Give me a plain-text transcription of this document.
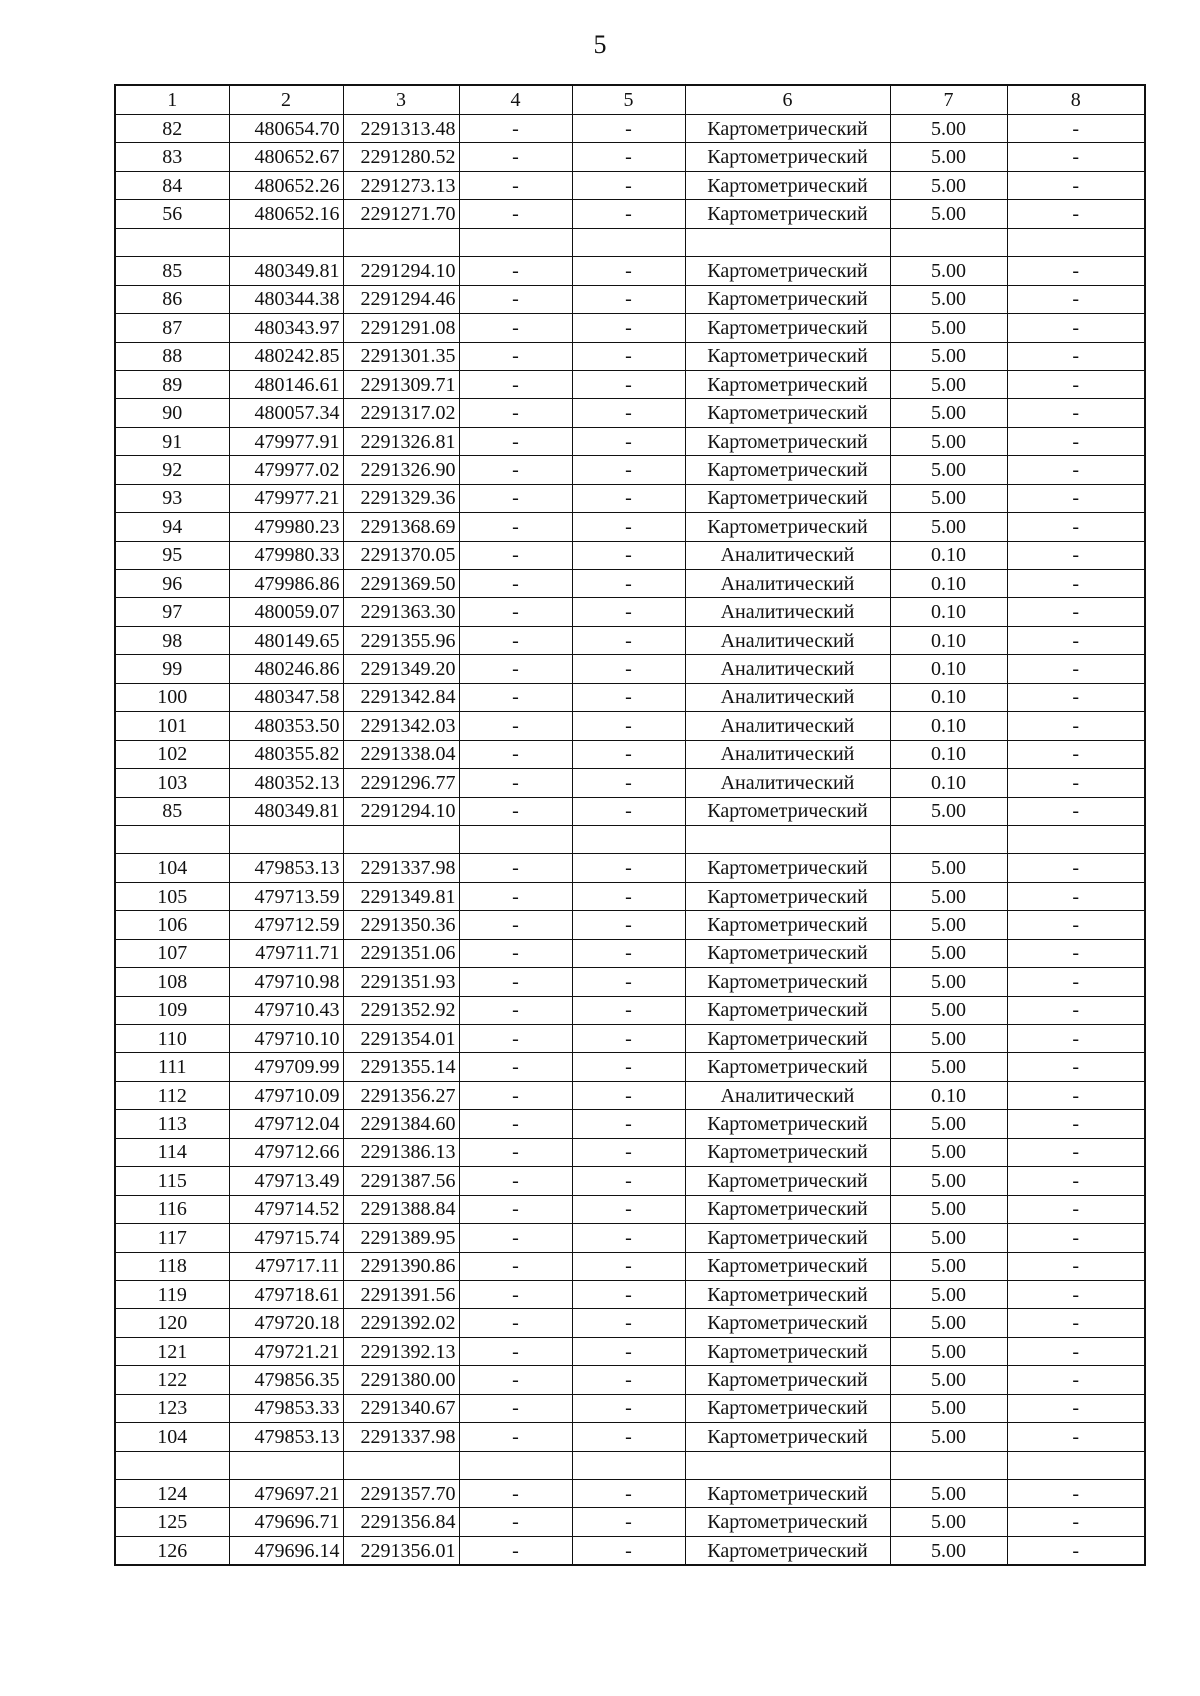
5
1	2	3	4	5	6	7	8
82	480654.70	2291313.48	-	-	Картометрический	5.00	-
83	480652.67	2291280.52	-	-	Картометрический	5.00	-
84	480652.26	2291273.13	-	-	Картометрический	5.00	-
56	480652.16	2291271.70	-	-	Картометрический	5.00	-

85	480349.81	2291294.10	-	-	Картометрический	5.00	-
86	480344.38	2291294.46	-	-	Картометрический	5.00	-
87	480343.97	2291291.08	-	-	Картометрический	5.00	-
88	480242.85	2291301.35	-	-	Картометрический	5.00	-
89	480146.61	2291309.71	-	-	Картометрический	5.00	-
90	480057.34	2291317.02	-	-	Картометрический	5.00	-
91	479977.91	2291326.81	-	-	Картометрический	5.00	-
92	479977.02	2291326.90	-	-	Картометрический	5.00	-
93	479977.21	2291329.36	-	-	Картометрический	5.00	-
94	479980.23	2291368.69	-	-	Картометрический	5.00	-
95	479980.33	2291370.05	-	-	Аналитический	0.10	-
96	479986.86	2291369.50	-	-	Аналитический	0.10	-
97	480059.07	2291363.30	-	-	Аналитический	0.10	-
98	480149.65	2291355.96	-	-	Аналитический	0.10	-
99	480246.86	2291349.20	-	-	Аналитический	0.10	-
100	480347.58	2291342.84	-	-	Аналитический	0.10	-
101	480353.50	2291342.03	-	-	Аналитический	0.10	-
102	480355.82	2291338.04	-	-	Аналитический	0.10	-
103	480352.13	2291296.77	-	-	Аналитический	0.10	-
85	480349.81	2291294.10	-	-	Картометрический	5.00	-

104	479853.13	2291337.98	-	-	Картометрический	5.00	-
105	479713.59	2291349.81	-	-	Картометрический	5.00	-
106	479712.59	2291350.36	-	-	Картометрический	5.00	-
107	479711.71	2291351.06	-	-	Картометрический	5.00	-
108	479710.98	2291351.93	-	-	Картометрический	5.00	-
109	479710.43	2291352.92	-	-	Картометрический	5.00	-
110	479710.10	2291354.01	-	-	Картометрический	5.00	-
111	479709.99	2291355.14	-	-	Картометрический	5.00	-
112	479710.09	2291356.27	-	-	Аналитический	0.10	-
113	479712.04	2291384.60	-	-	Картометрический	5.00	-
114	479712.66	2291386.13	-	-	Картометрический	5.00	-
115	479713.49	2291387.56	-	-	Картометрический	5.00	-
116	479714.52	2291388.84	-	-	Картометрический	5.00	-
117	479715.74	2291389.95	-	-	Картометрический	5.00	-
118	479717.11	2291390.86	-	-	Картометрический	5.00	-
119	479718.61	2291391.56	-	-	Картометрический	5.00	-
120	479720.18	2291392.02	-	-	Картометрический	5.00	-
121	479721.21	2291392.13	-	-	Картометрический	5.00	-
122	479856.35	2291380.00	-	-	Картометрический	5.00	-
123	479853.33	2291340.67	-	-	Картометрический	5.00	-
104	479853.13	2291337.98	-	-	Картометрический	5.00	-

124	479697.21	2291357.70	-	-	Картометрический	5.00	-
125	479696.71	2291356.84	-	-	Картометрический	5.00	-
126	479696.14	2291356.01	-	-	Картометрический	5.00	-
